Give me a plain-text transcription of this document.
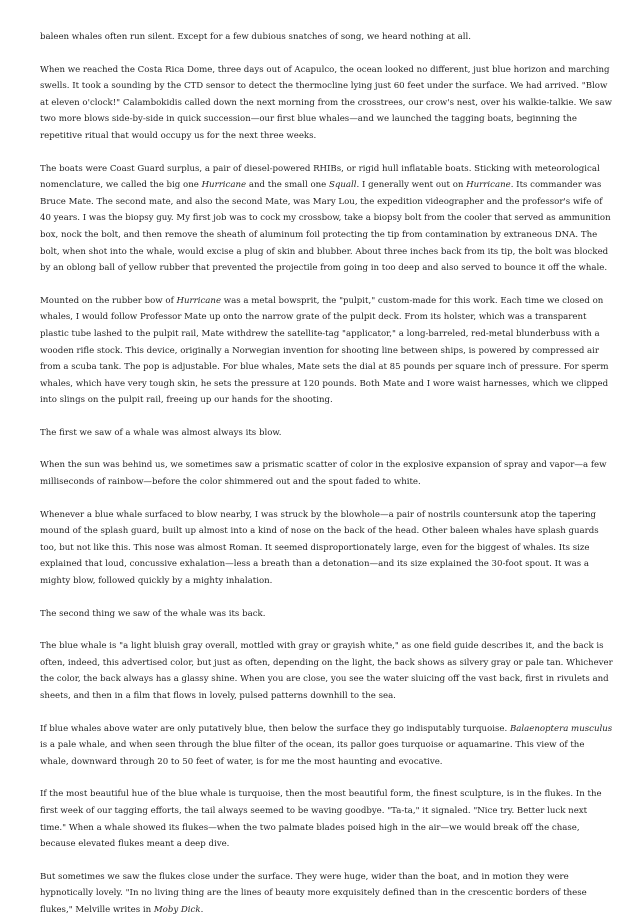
baleen whales often run silent. Except for a few dubious snatches of song, we heard nothing at all.

When we reached the Costa Rica Dome, three days out of Acapulco, the ocean looked no different, just blue horizon and marching swells. It took a sounding by the CTD sensor to detect the thermocline lying just 60 feet under the surface. We had arrived. "Blow at eleven o'clock!" Calambokidis called down the next morning from the crosstrees, our crow's nest, over his walkie-talkie. We saw two more blows side-by-side in quick succession—our first blue whales—and we launched the tagging boats, beginning the repetitive ritual that would occupy us for the next three weeks.

The boats were Coast Guard surplus, a pair of diesel-powered RHIBs, or rigid hull inflatable boats. Sticking with meteorological nomenclature, we called the big one Hurricane and the small one Squall. I generally went out on Hurricane. Its commander was Bruce Mate. The second mate, and also the second Mate, was Mary Lou, the expedition videographer and the professor's wife of 40 years. I was the biopsy guy. My first job was to cock my crossbow, take a biopsy bolt from the cooler that served as ammunition box, nock the bolt, and then remove the sheath of aluminum foil protecting the tip from contamination by extraneous DNA. The bolt, when shot into the whale, would excise a plug of skin and blubber. About three inches back from its tip, the bolt was blocked by an oblong ball of yellow rubber that prevented the projectile from going in too deep and also served to bounce it off the whale.

Mounted on the rubber bow of Hurricane was a metal bowsprit, the "pulpit," custom-made for this work. Each time we closed on whales, I would follow Professor Mate up onto the narrow grate of the pulpit deck. From its holster, which was a transparent plastic tube lashed to the pulpit rail, Mate withdrew the satellite-tag "applicator," a long-barreled, red-metal blunderbuss with a wooden rifle stock. This device, originally a Norwegian invention for shooting line between ships, is powered by compressed air from a scuba tank. The pop is adjustable. For blue whales, Mate sets the dial at 85 pounds per square inch of pressure. For sperm whales, which have very tough skin, he sets the pressure at 120 pounds. Both Mate and I wore waist harnesses, which we clipped into slings on the pulpit rail, freeing up our hands for the shooting.

The first we saw of a whale was almost always its blow.

When the sun was behind us, we sometimes saw a prismatic scatter of color in the explosive expansion of spray and vapor—a few milliseconds of rainbow—before the color shimmered out and the spout faded to white.

Whenever a blue whale surfaced to blow nearby, I was struck by the blowhole—a pair of nostrils countersunk atop the tapering mound of the splash guard, built up almost into a kind of nose on the back of the head. Other baleen whales have splash guards too, but not like this. This nose was almost Roman. It seemed disproportionately large, even for the biggest of whales. Its size explained that loud, concussive exhalation—less a breath than a detonation—and its size explained the 30-foot spout. It was a mighty blow, followed quickly by a mighty inhalation.

The second thing we saw of the whale was its back.

The blue whale is "a light bluish gray overall, mottled with gray or grayish white," as one field guide describes it, and the back is often, indeed, this advertised color, but just as often, depending on the light, the back shows as silvery gray or pale tan. Whichever the color, the back always has a glassy shine. When you are close, you see the water sluicing off the vast back, first in rivulets and sheets, and then in a film that flows in lovely, pulsed patterns downhill to the sea.

If blue whales above water are only putatively blue, then below the surface they go indisputably turquoise. Balaenoptera musculus is a pale whale, and when seen through the blue filter of the ocean, its pallor goes turquoise or aquamarine. This view of the whale, downward through 20 to 50 feet of water, is for me the most haunting and evocative.

If the most beautiful hue of the blue whale is turquoise, then the most beautiful form, the finest sculpture, is in the flukes. In the first week of our tagging efforts, the tail always seemed to be waving goodbye. "Ta-ta," it signaled. "Nice try. Better luck next time." When a whale showed its flukes—when the two palmate blades poised high in the air—we would break off the chase, because elevated flukes meant a deep dive.

But sometimes we saw the flukes close under the surface. They were huge, wider than the boat, and in motion they were hypnotically lovely. "In no living thing are the lines of beauty more exquisitely defined than in the crescentic borders of these flukes," Melville writes in Moby Dick.
